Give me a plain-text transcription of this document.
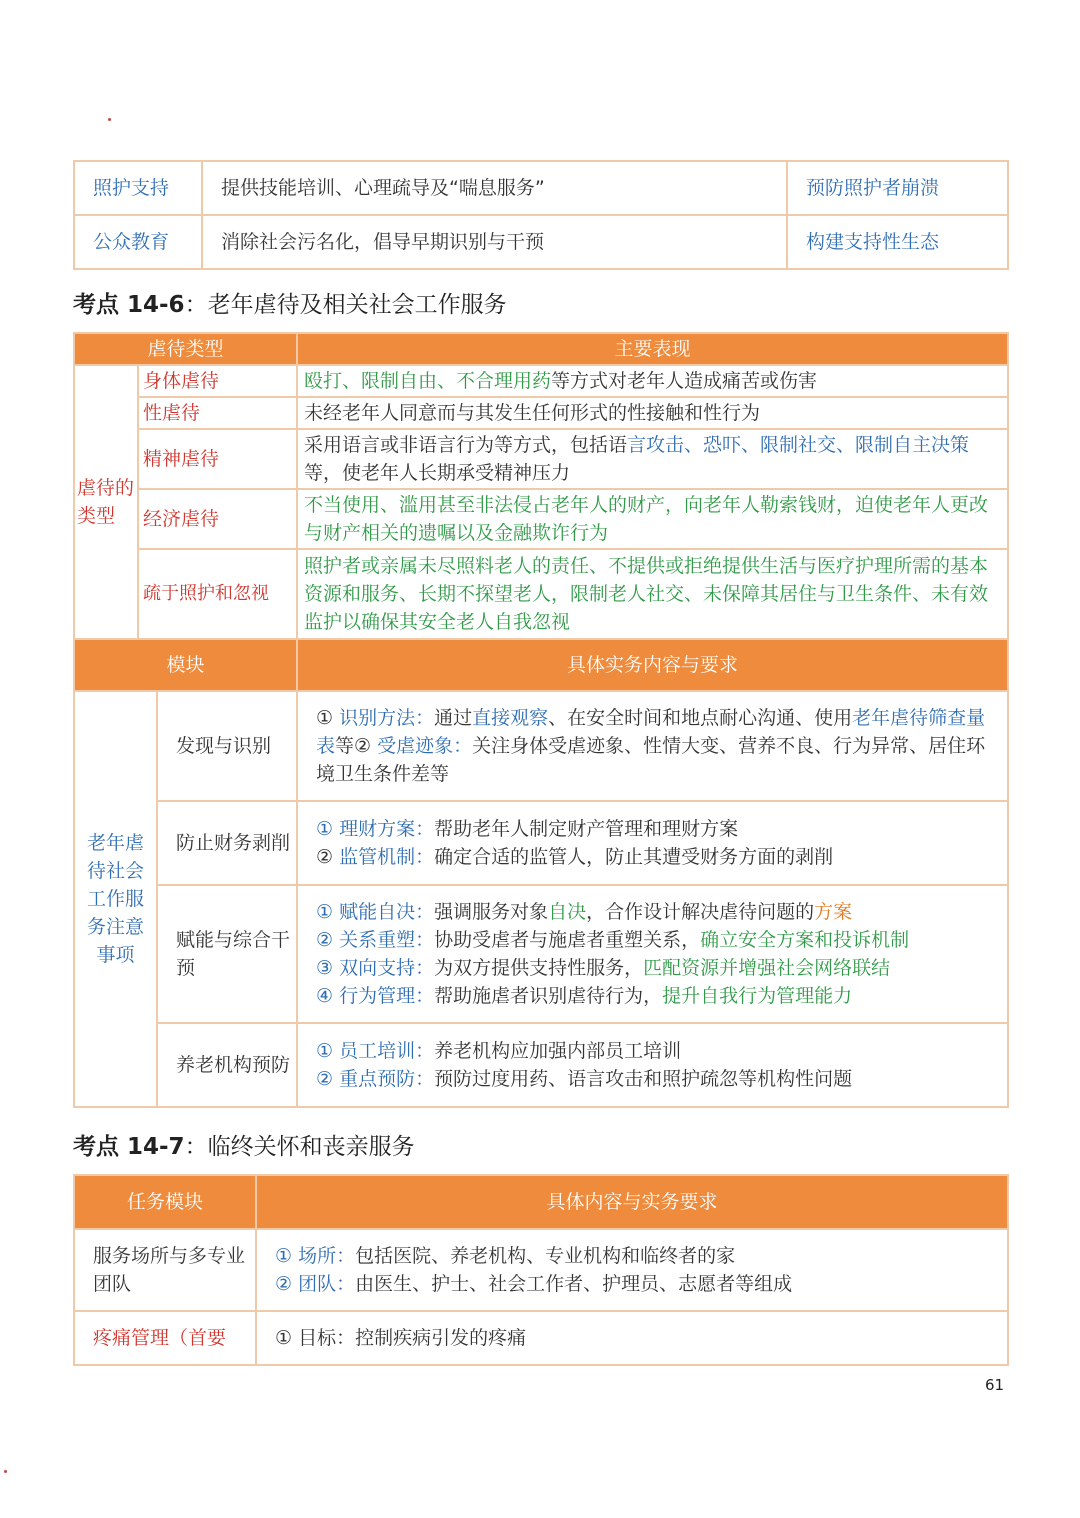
照护支持	提供技能培训、心理疏导及“喘息服务”	预防照护者崩溃
公众教育	消除社会污名化，倡导早期识别与干预	构建支持性生态
考点 14-6：老年虐待及相关社会工作服务
虐待类型			主要表现
虐待的类型	身体虐待		殴打、限制自由、不合理用药等方式对老年人造成痛苦或伤害
	性虐待		未经老年人同意而与其发生任何形式的性接触和性行为
	精神虐待		采用语言或非语言行为等方式，包括语言攻击、恐吓、限制社交、限制自主决策等，使老年人长期承受精神压力
	经济虐待		不当使用、滥用甚至非法侵占老年人的财产，向老年人勒索钱财，迫使老年人更改与财产相关的遗嘱以及金融欺诈行为
	疏于照护和忽视		照护者或亲属未尽照料老人的责任、不提供或拒绝提供生活与医疗护理所需的基本资源和服务、长期不探望老人，限制老人社交、未保障其居住与卫生条件、未有效监护以确保其安全老人自我忽视
模块			具体实务内容与要求
老年虐待社会工作服务注意事项		发现与识别	① 识别方法：通过直接观察、在安全时间和地点耐心沟通、使用老年虐待筛查量表等② 受虐迹象：关注身体受虐迹象、性情大变、营养不良、行为异常、居住环境卫生条件差等

		防止财务剥削	① 理财方案：帮助老年人制定财产管理和理财方案
② 监管机制：确定合适的监管人，防止其遭受财务方面的剥削

		赋能与综合干预	① 赋能自决：强调服务对象自决，合作设计解决虐待问题的方案
② 关系重塑：协助受虐者与施虐者重塑关系，确立安全方案和投诉机制
③ 双向支持：为双方提供支持性服务，匹配资源并增强社会网络联结
④ 行为管理：帮助施虐者识别虐待行为，提升自我行为管理能力

		养老机构预防	① 员工培训：养老机构应加强内部员工培训
② 重点预防：预防过度用药、语言攻击和照护疏忽等机构性问题
考点 14-7：临终关怀和丧亲服务
任务模块	具体内容与实务要求
服务场所与多专业团队	① 场所：包括医院、养老机构、专业机构和临终者的家
② 团队：由医生、护士、社会工作者、护理员、志愿者等组成

疼痛管理（首要	① 目标：控制疾病引发的疼痛
61
